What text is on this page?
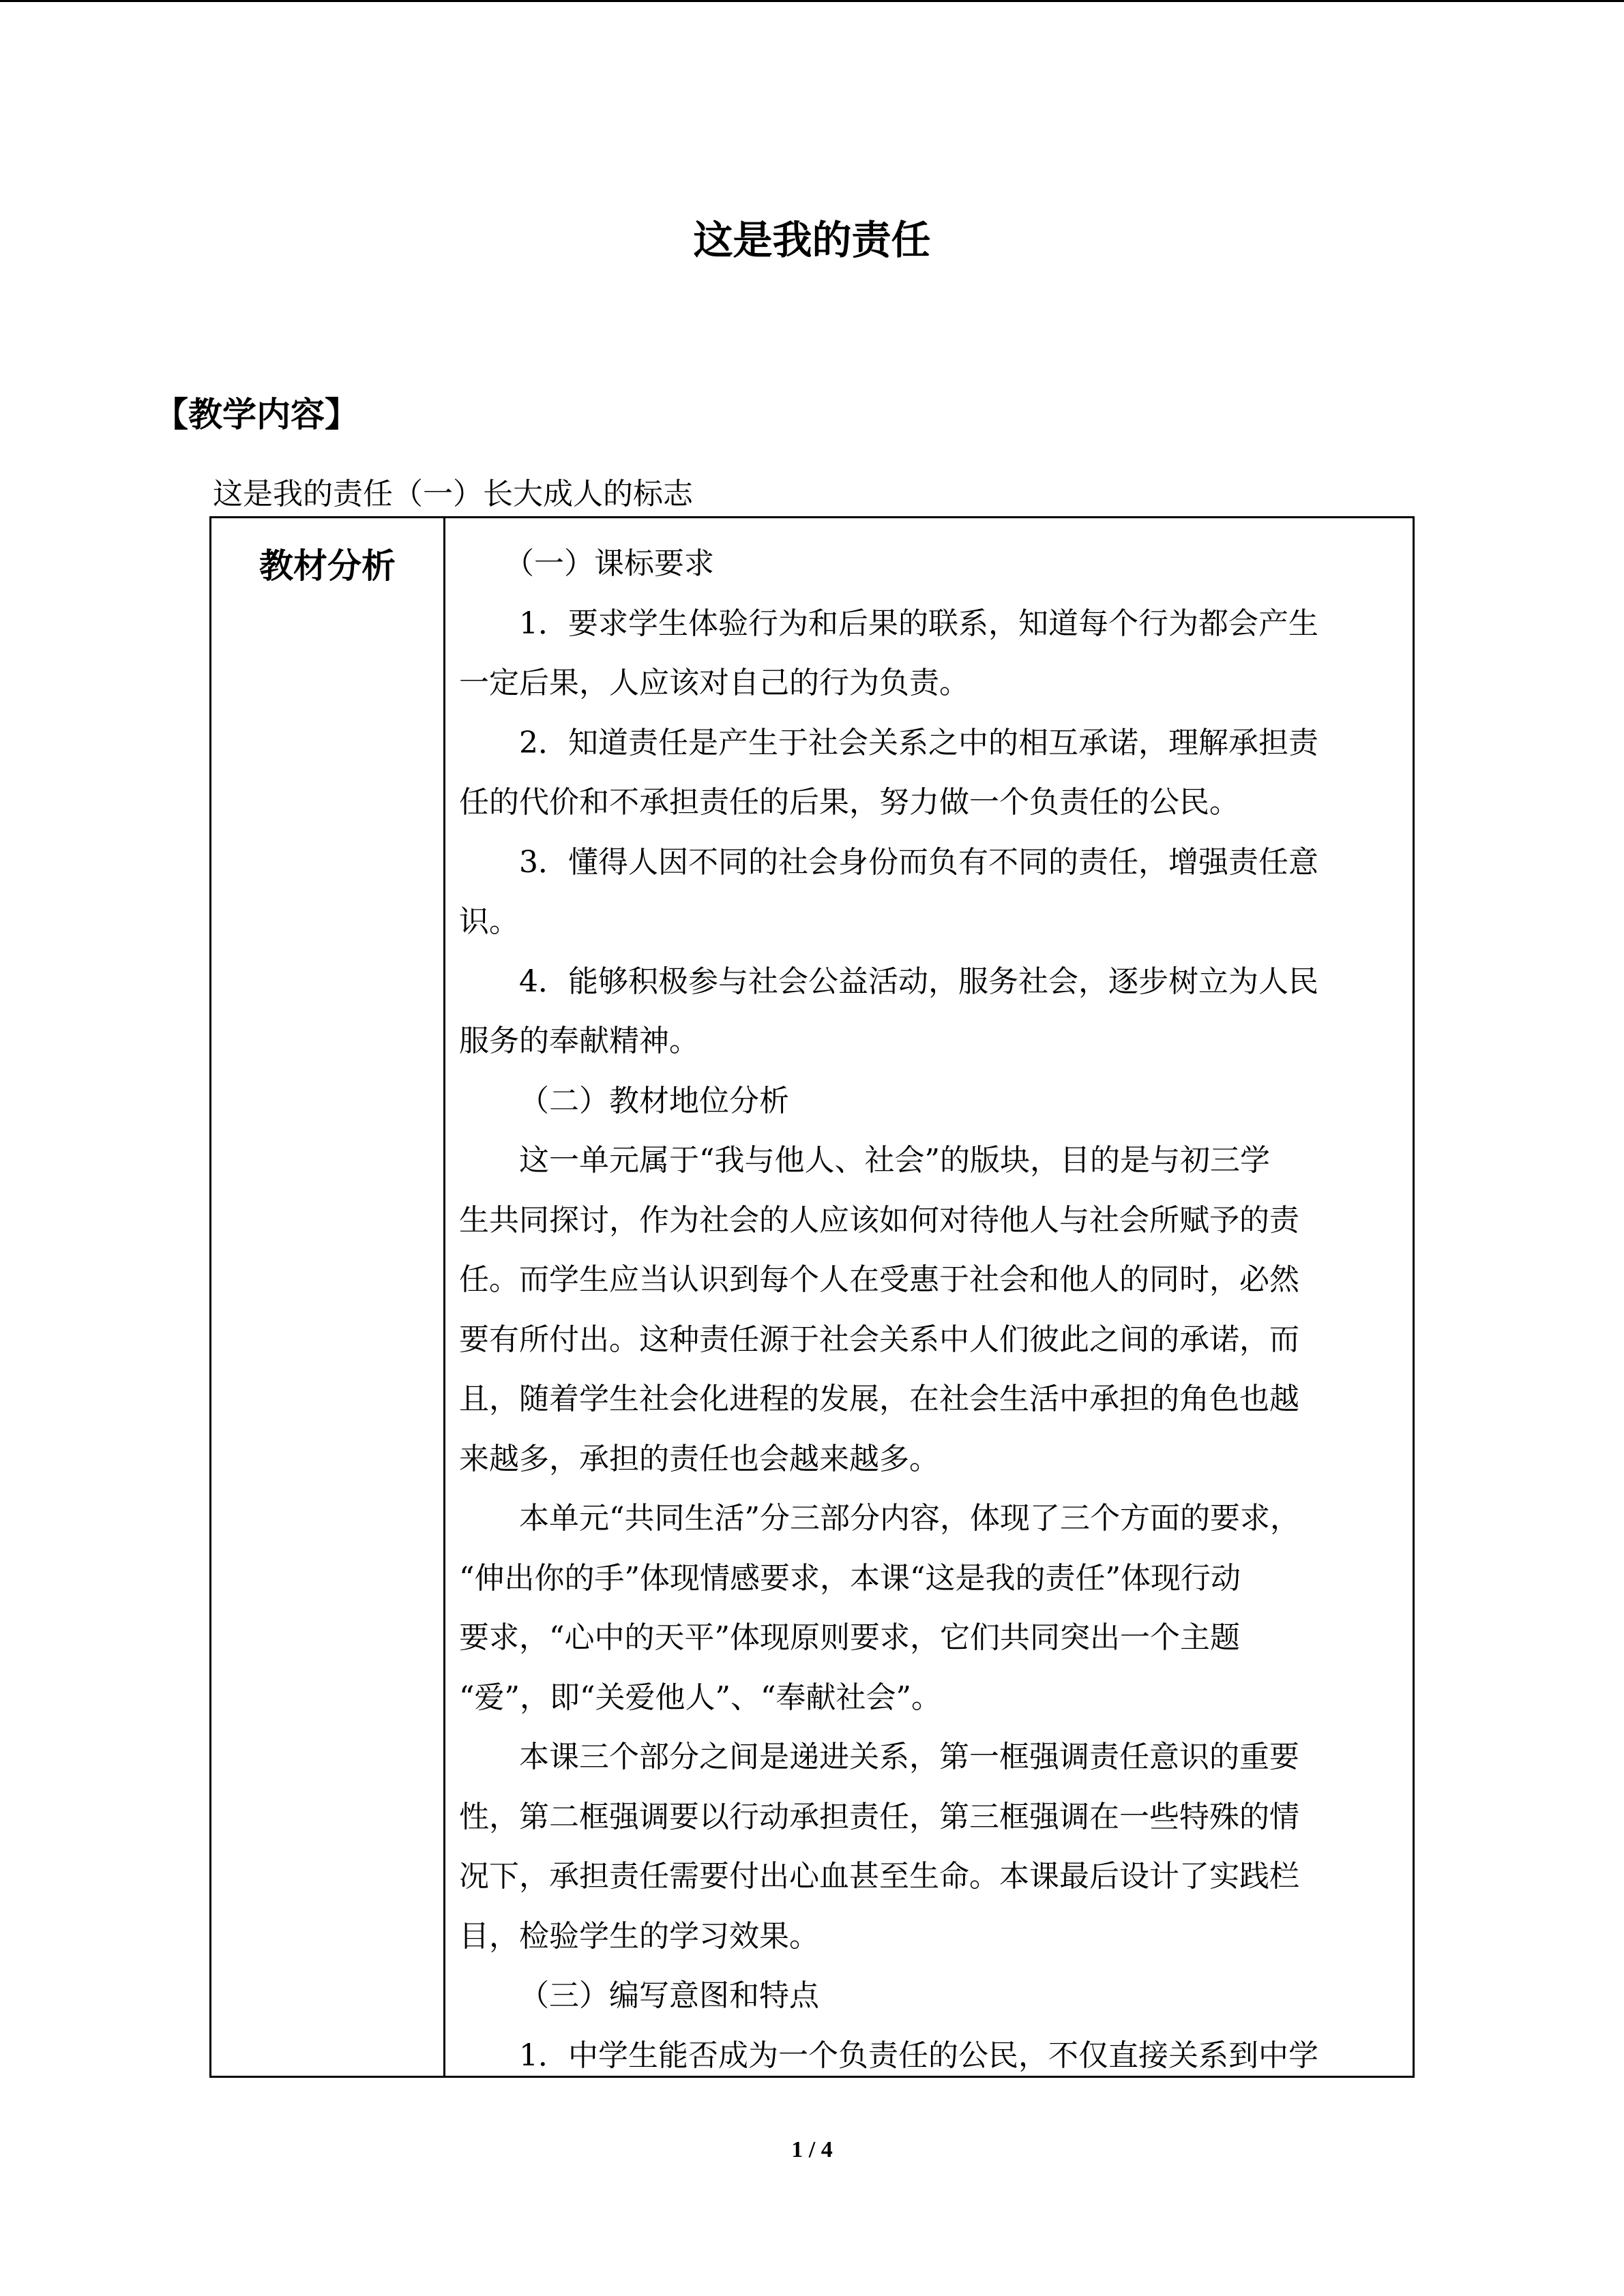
这是我的责任
【教学内容】
这是我的责任（一）长大成人的标志
教材分析	（一）课标要求

1．要求学生体验行为和后果的联系，知道每个行为都会产生

一定后果，人应该对自己的行为负责。

2．知道责任是产生于社会关系之中的相互承诺，理解承担责

任的代价和不承担责任的后果，努力做一个负责任的公民。

3．懂得人因不同的社会身份而负有不同的责任，增强责任意

识。

4．能够积极参与社会公益活动，服务社会，逐步树立为人民

服务的奉献精神。

（二）教材地位分析

这一单元属于“我与他人、社会”的版块，目的是与初三学

生共同探讨，作为社会的人应该如何对待他人与社会所赋予的责

任。而学生应当认识到每个人在受惠于社会和他人的同时，必然

要有所付出。这种责任源于社会关系中人们彼此之间的承诺，而

且，随着学生社会化进程的发展，在社会生活中承担的角色也越

来越多，承担的责任也会越来越多。

本单元“共同生活”分三部分内容，体现了三个方面的要求，

“伸出你的手”体现情感要求，本课“这是我的责任”体现行动

要求，“心中的天平”体现原则要求，它们共同突出一个主题

“爱”，即“关爱他人”、“奉献社会”。

本课三个部分之间是递进关系，第一框强调责任意识的重要

性，第二框强调要以行动承担责任，第三框强调在一些特殊的情

况下，承担责任需要付出心血甚至生命。本课最后设计了实践栏

目，检验学生的学习效果。

（三）编写意图和特点

1．中学生能否成为一个负责任的公民，不仅直接关系到中学

1 / 4
